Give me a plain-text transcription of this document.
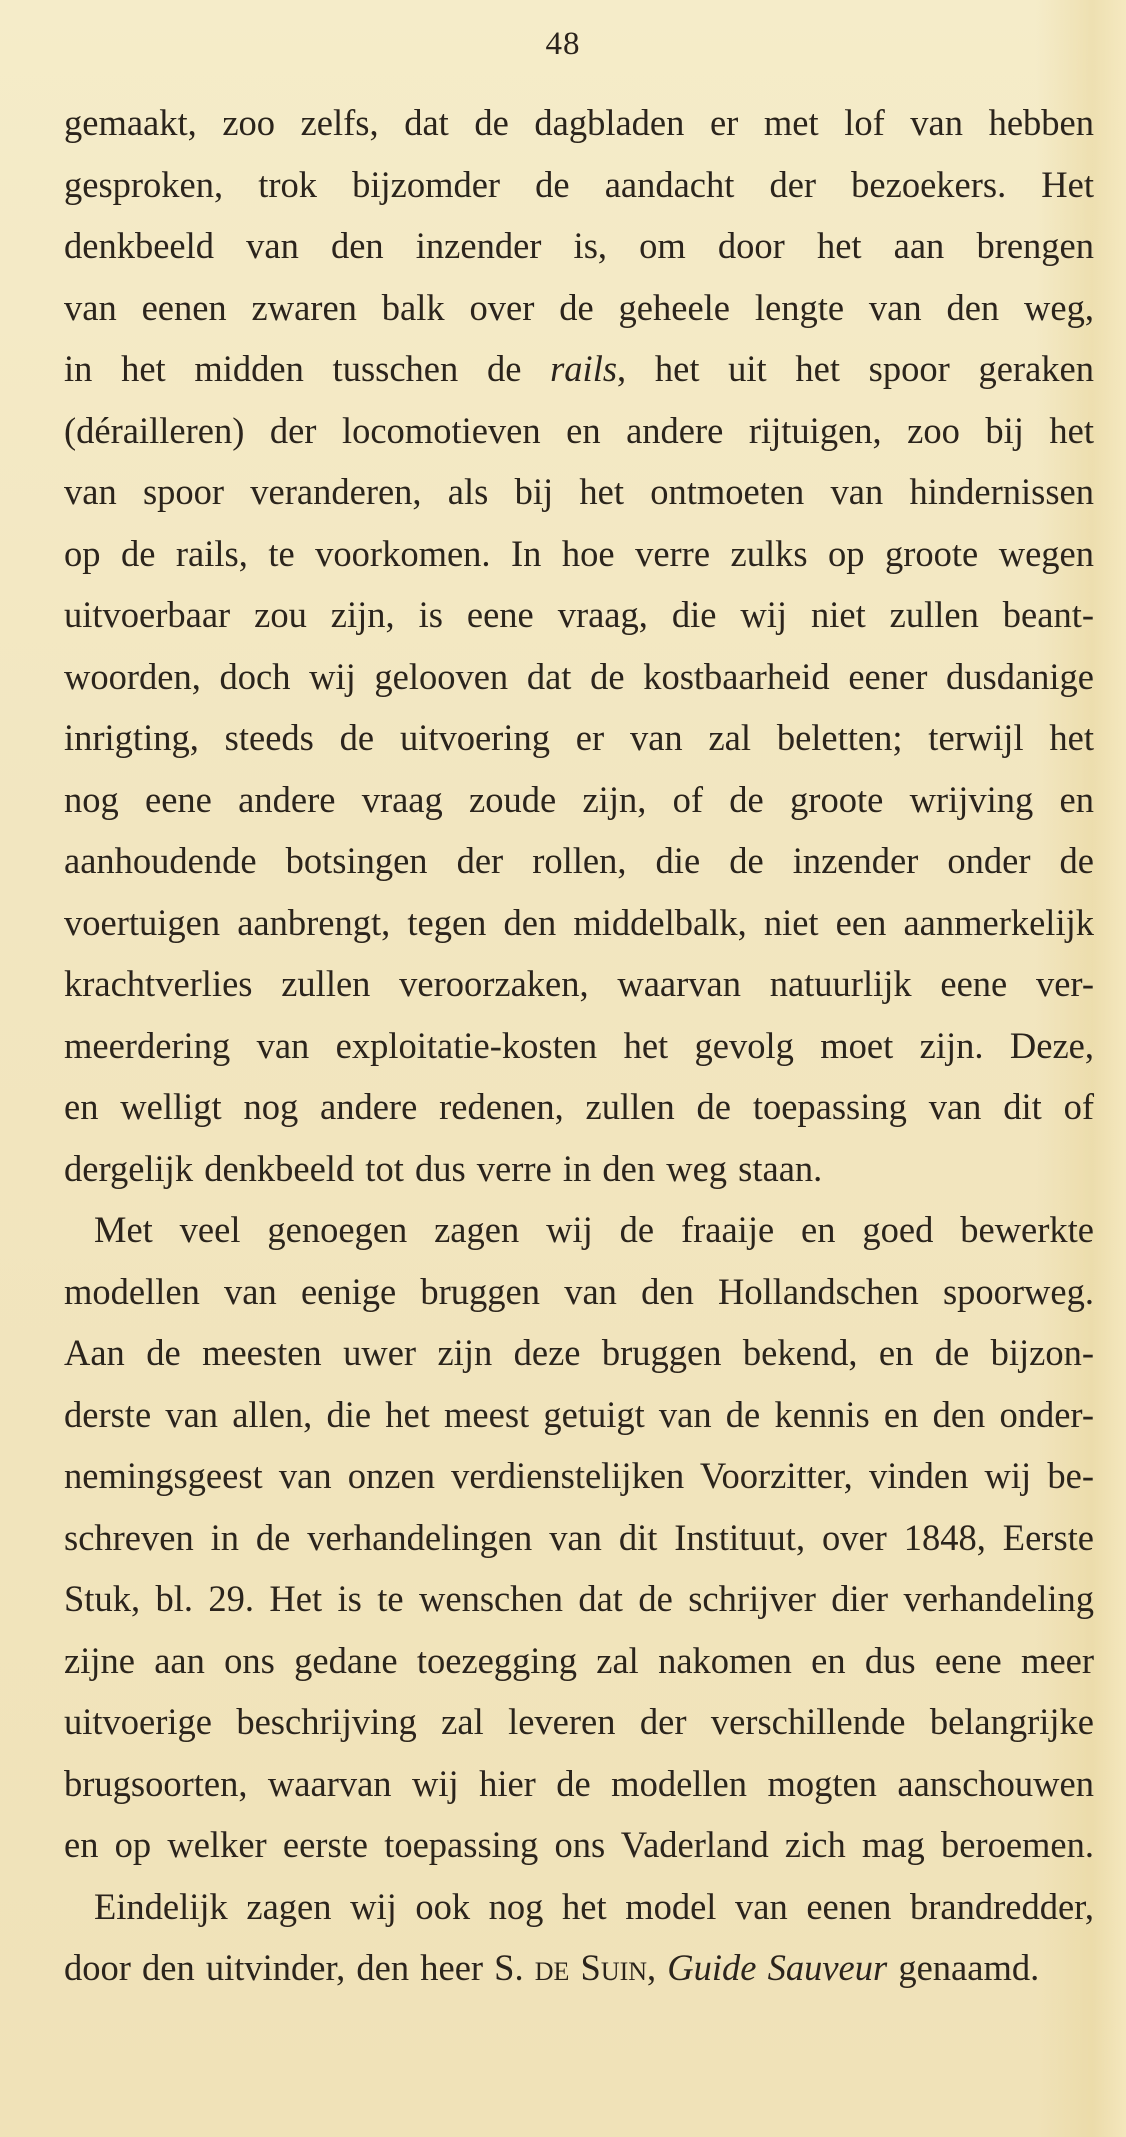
48
gemaakt, zoo zelfs, dat de dagbladen er met lof van hebben
gesproken, trok bijzomder de aandacht der bezoekers. Het
denkbeeld van den inzender is, om door het aan brengen
van eenen zwaren balk over de geheele lengte van den weg,
in het midden tusschen de rails, het uit het spoor geraken
(dérailleren) der locomotieven en andere rijtuigen, zoo bij het
van spoor veranderen, als bij het ontmoeten van hindernissen
op de rails, te voorkomen. In hoe verre zulks op groote wegen
uitvoerbaar zou zijn, is eene vraag, die wij niet zullen beant-
woorden, doch wij gelooven dat de kostbaarheid eener dusdanige
inrigting, steeds de uitvoering er van zal beletten; terwijl het
nog eene andere vraag zoude zijn, of de groote wrijving en
aanhoudende botsingen der rollen, die de inzender onder de
voertuigen aanbrengt, tegen den middelbalk, niet een aanmerkelijk
krachtverlies zullen veroorzaken, waarvan natuurlijk eene ver-
meerdering van exploitatie-kosten het gevolg moet zijn. Deze,
en welligt nog andere redenen, zullen de toepassing van dit of
dergelijk denkbeeld tot dus verre in den weg staan.
Met veel genoegen zagen wij de fraaije en goed bewerkte
modellen van eenige bruggen van den Hollandschen spoorweg.
Aan de meesten uwer zijn deze bruggen bekend, en de bijzon-
derste van allen, die het meest getuigt van de kennis en den onder-
nemingsgeest van onzen verdienstelijken Voorzitter, vinden wij be-
schreven in de verhandelingen van dit Instituut, over 1848, Eerste
Stuk, bl. 29. Het is te wenschen dat de schrijver dier verhandeling
zijne aan ons gedane toezegging zal nakomen en dus eene meer
uitvoerige beschrijving zal leveren der verschillende belangrijke
brugsoorten, waarvan wij hier de modellen mogten aanschouwen
en op welker eerste toepassing ons Vaderland zich mag beroemen.
Eindelijk zagen wij ook nog het model van eenen brandredder,
door den uitvinder, den heer S. de Suin, Guide Sauveur genaamd.
